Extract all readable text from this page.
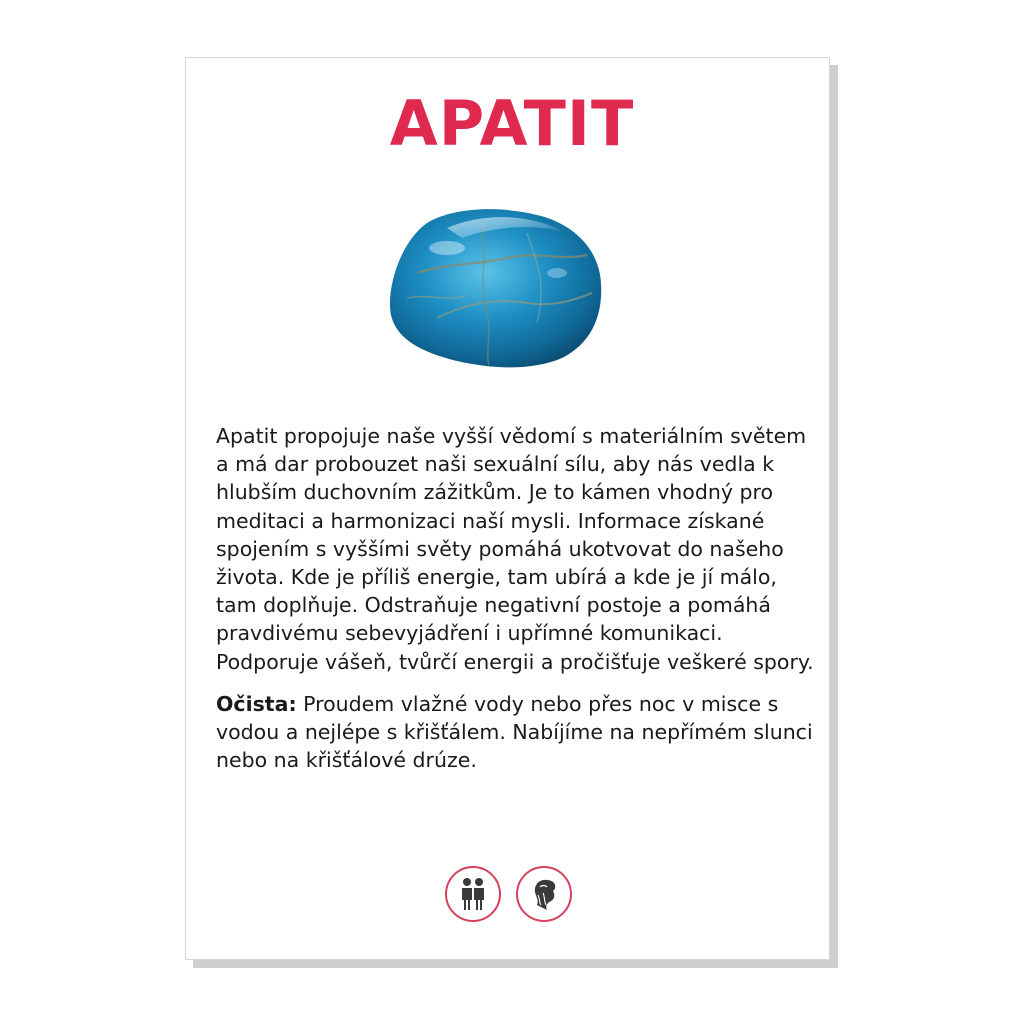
APATIT

Apatit propojuje naše vyšší vědomí s materiálním světem a má dar probouzet naši sexuální sílu, aby nás vedla k hlubším duchovním zážitkům. Je to kámen vhodný pro meditaci a harmonizaci naší mysli. Informace získané spojením s vyššími světy pomáhá ukotvovat do našeho života. Kde je příliš energie, tam ubírá a kde je jí málo, tam doplňuje. Odstraňuje negativní postoje a pomáhá pravdivému sebevyjádření i upřímné komunikaci. Podporuje vášeň, tvůrčí energii a pročišťuje veškeré spory.

Očista: Proudem vlažné vody nebo přes noc v misce s vodou a nejlépe s křišťálem. Nabíjíme na nepřímém slunci nebo na křišťálové drúze.
